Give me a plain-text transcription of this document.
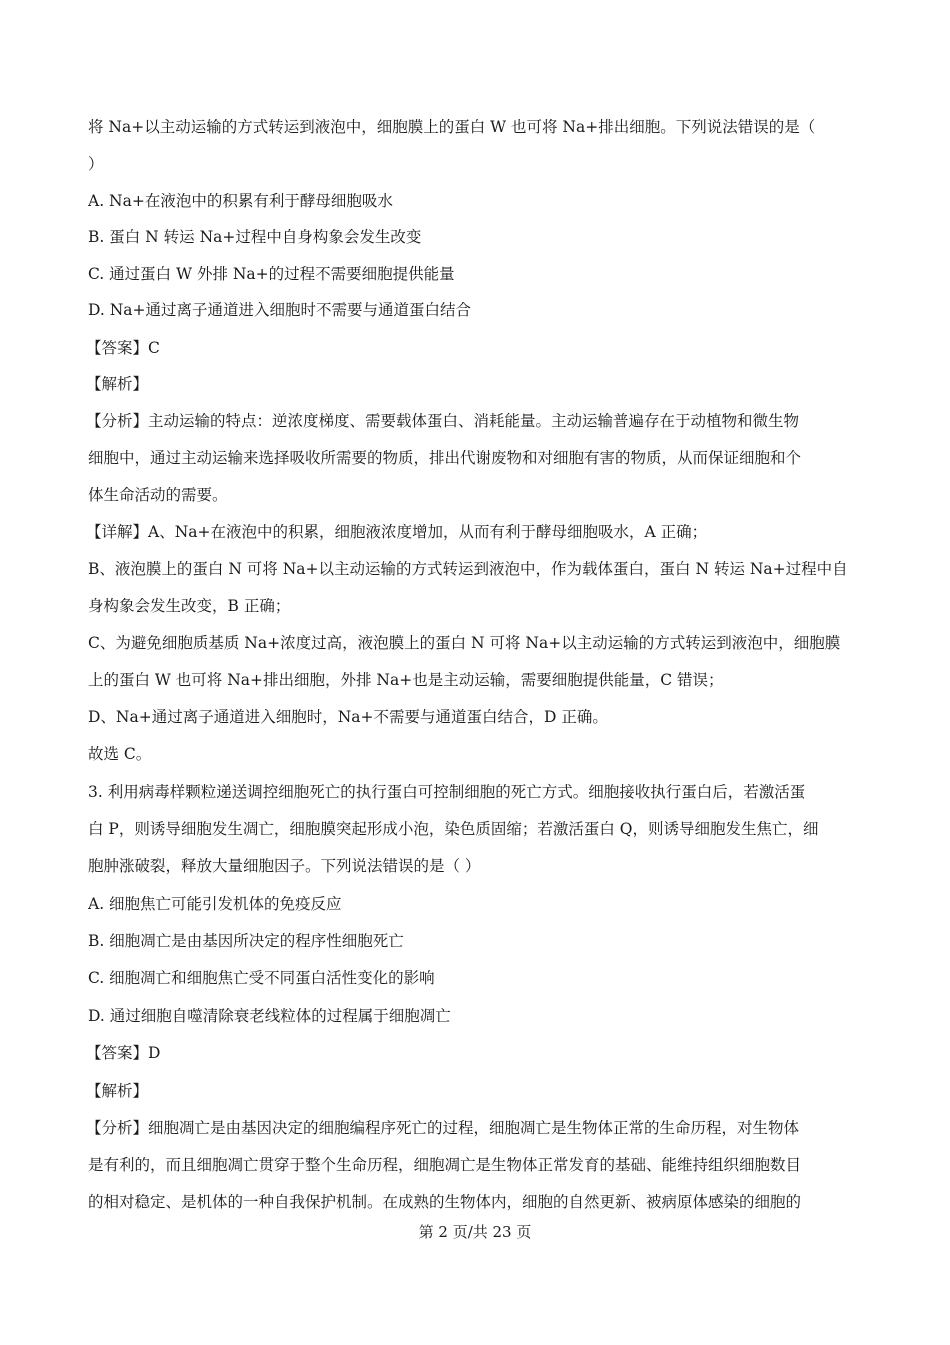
将 Na+以主动运输的方式转运到液泡中，细胞膜上的蛋白 W 也可将 Na+排出细胞。下列说法错误的是（
）
A. Na+在液泡中的积累有利于酵母细胞吸水
B. 蛋白 N 转运 Na+过程中自身构象会发生改变
C. 通过蛋白 W 外排 Na+的过程不需要细胞提供能量
D. Na+通过离子通道进入细胞时不需要与通道蛋白结合
【答案】C
【解析】
【分析】主动运输的特点：逆浓度梯度、需要载体蛋白、消耗能量。主动运输普遍存在于动植物和微生物
细胞中，通过主动运输来选择吸收所需要的物质，排出代谢废物和对细胞有害的物质，从而保证细胞和个
体生命活动的需要。
【详解】A、Na+在液泡中的积累，细胞液浓度增加，从而有利于酵母细胞吸水，A 正确；
B、液泡膜上的蛋白 N 可将 Na+以主动运输的方式转运到液泡中，作为载体蛋白，蛋白 N 转运 Na+过程中自
身构象会发生改变，B 正确；
C、为避免细胞质基质 Na+浓度过高，液泡膜上的蛋白 N 可将 Na+以主动运输的方式转运到液泡中，细胞膜
上的蛋白 W 也可将 Na+排出细胞，外排 Na+也是主动运输，需要细胞提供能量，C 错误；
D、Na+通过离子通道进入细胞时，Na+不需要与通道蛋白结合，D 正确。
故选 C。
3. 利用病毒样颗粒递送调控细胞死亡的执行蛋白可控制细胞的死亡方式。细胞接收执行蛋白后，若激活蛋
白 P，则诱导细胞发生凋亡，细胞膜突起形成小泡，染色质固缩；若激活蛋白 Q，则诱导细胞发生焦亡，细
胞肿涨破裂，释放大量细胞因子。下列说法错误的是（ ）
A. 细胞焦亡可能引发机体的免疫反应
B. 细胞凋亡是由基因所决定的程序性细胞死亡
C. 细胞凋亡和细胞焦亡受不同蛋白活性变化的影响
D. 通过细胞自噬清除衰老线粒体的过程属于细胞凋亡
【答案】D
【解析】
【分析】细胞凋亡是由基因决定的细胞编程序死亡的过程，细胞凋亡是生物体正常的生命历程，对生物体
是有利的，而且细胞凋亡贯穿于整个生命历程，细胞凋亡是生物体正常发育的基础、能维持组织细胞数目
的相对稳定、是机体的一种自我保护机制。在成熟的生物体内，细胞的自然更新、被病原体感染的细胞的
第 2 页/共 23 页
